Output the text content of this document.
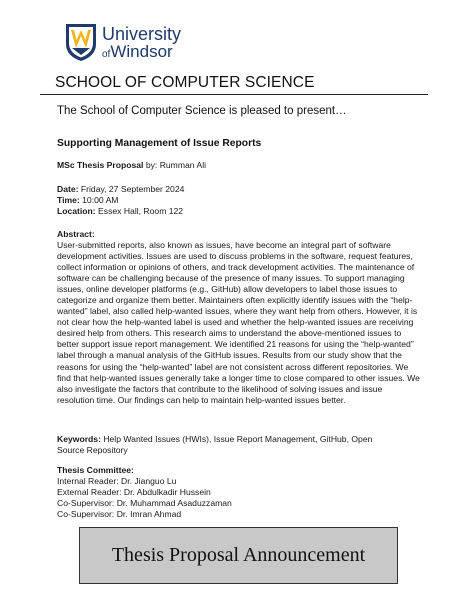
University
ofWindsor
SCHOOL OF COMPUTER SCIENCE
The School of Computer Science is pleased to present…
Supporting Management of Issue Reports
MSc Thesis Proposal by: Rumman Ali
Date: Friday, 27 September 2024
Time: 10:00 AM
Location: Essex Hall, Room 122
Abstract:
User-submitted reports, also known as issues, have become an integral part of software development activities. Issues are used to discuss problems in the software, request features, collect information or opinions of others, and track development activities. The maintenance of software can be challenging because of the presence of many issues. To support managing issues, online developer platforms (e.g., GitHub) allow developers to label those issues to categorize and organize them better. Maintainers often explicitly identify issues with the “help-wanted” label, also called help-wanted issues, where they want help from others. However, it is not clear how the help-wanted label is used and whether the help-wanted issues are receiving desired help from others. This research aims to understand the above-mentioned issues to better support issue report management. We identified 21 reasons for using the “help-wanted” label through a manual analysis of the GitHub issues. Results from our study show that the reasons for using the “help-wanted” label are not consistent across different repositories. We find that help-wanted issues generally take a longer time to close compared to other issues. We also investigate the factors that contribute to the likelihood of solving issues and issue resolution time. Our findings can help to maintain help-wanted issues better.
Keywords: Help Wanted Issues (HWIs), Issue Report Management, GitHub, Open Source Repository
Thesis Committee:
Internal Reader: Dr. Jianguo Lu
External Reader: Dr. Abdulkadir Hussein
Co-Supervisor: Dr. Muhammad Asaduzzaman
Co-Supervisor: Dr. Imran Ahmad
Thesis Proposal Announcement
